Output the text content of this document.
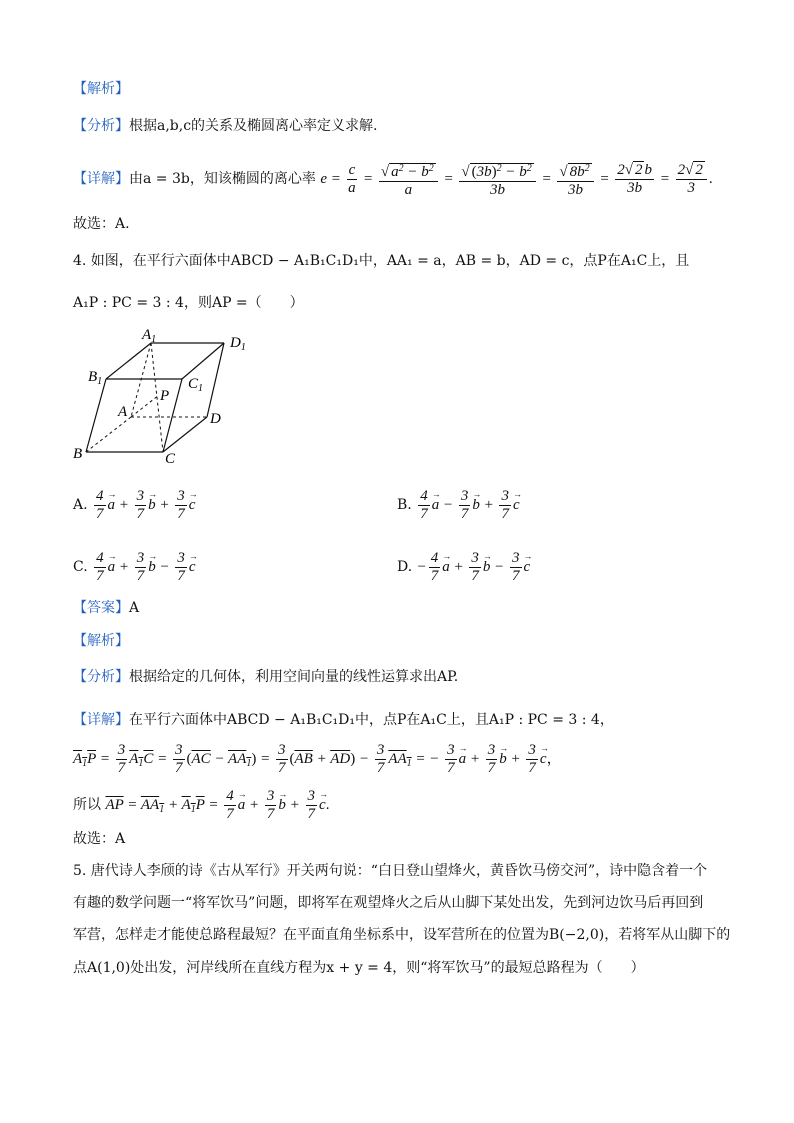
【解析】
【分析】根据a,b,c的关系及椭圆离心率定义求解.
【详解】由a = 3b，知该椭圆的离心率 $e = \frac{c}{a} = \frac{√ a^2 - b^2}{a} = \frac{√ (3b)^2 - b^2}{3b} = \frac{√ 8b^2}{3b} = \frac{2√ 2 b}{3b} = \frac{2√ 2}{3}$ .
故选：A.
4. 如图，在平行六面体中ABCD − A₁B₁C₁D₁中，AA₁ = a，AB = b，AD = c，点P在A₁C上，且
A₁P : PC = 3 : 4，则AP =（　　）
$A_1$	$D_1$
$B_1$	$C_1$
P
A	D
B	C
A. $\frac{4}{7} \to a + \frac{3}{7} \to b + \frac{3}{7} \to c$	B. $\frac{4}{7} \to a - \frac{3}{7} \to b + \frac{3}{7} \to c$
C. $\frac{4}{7} \to a + \frac{3}{7} \to b - \frac{3}{7} \to c$	D. − $\frac{4}{7} \to a + \frac{3}{7} \to b - \frac{3}{7} \to c$
【答案】A
【解析】
【分析】根据给定的几何体，利用空间向量的线性运算求出AP.
【详解】在平行六面体中ABCD − A₁B₁C₁D₁中，点P在A₁C上，且A₁P : PC = 3 : 4，
$A_1P = \frac{3}{7} A_1C = \frac{3}{7} (\overline{AC} - AA_1) = \frac{3}{7} (\overline{AB} + \overline{AD}) - \frac{3}{7} AA_1$ = − $\frac{3}{7} \to a + \frac{3}{7} \to b + \frac{3}{7} \to c$，
所以 $\overline{AP} = AA_1 + A_1P = \frac{4}{7} \to a + \frac{3}{7} \to b + \frac{3}{7} \to c$.
故选：A
5. 唐代诗人李颀的诗《古从军行》开关两句说：“白日登山望烽火，黄昏饮马傍交河”，诗中隐含着一个
有趣的数学问题一“将军饮马”问题，即将军在观望烽火之后从山脚下某处出发，先到河边饮马后再回到
军营，怎样走才能使总路程最短？在平面直角坐标系中，设军营所在的位置为B(−2,0)，若将军从山脚下的
点A(1,0)处出发，河岸线所在直线方程为x + y = 4，则“将军饮马”的最短总路程为（　　）
